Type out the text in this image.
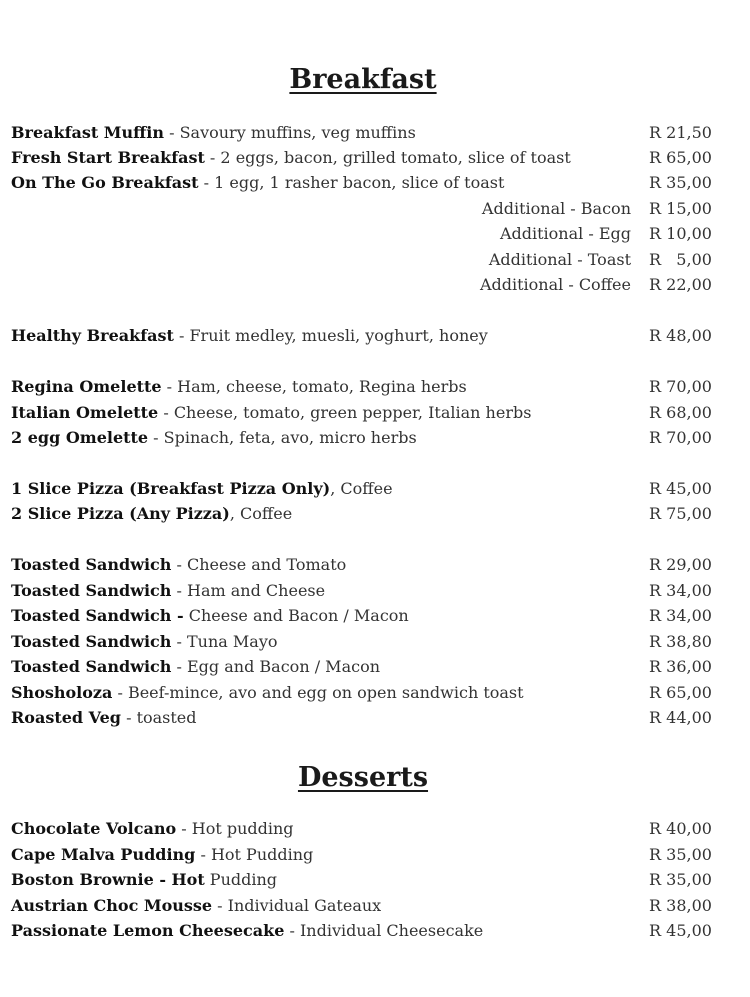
Breakfast
Breakfast Muffin - Savoury muffins, veg muffins	R 21,50
Fresh Start Breakfast - 2 eggs, bacon, grilled tomato, slice of toast	R 65,00
On The Go Breakfast - 1 egg, 1 rasher bacon, slice of toast	R 35,00
Additional - Bacon R 15,00
Additional - Egg R 10,00
Additional - Toast R   5,00
Additional - Coffee R 22,00
Healthy Breakfast - Fruit medley, muesli, yoghurt, honey	R 48,00
Regina Omelette - Ham, cheese, tomato, Regina herbs	R 70,00
Italian Omelette - Cheese, tomato, green pepper, Italian herbs	R 68,00
2 egg Omelette - Spinach, feta, avo, micro herbs	R 70,00
1 Slice Pizza (Breakfast Pizza Only), Coffee	R 45,00
2 Slice Pizza (Any Pizza), Coffee	R 75,00
Toasted Sandwich - Cheese and Tomato	R 29,00
Toasted Sandwich - Ham and Cheese	R 34,00
Toasted Sandwich - Cheese and Bacon / Macon	R 34,00
Toasted Sandwich - Tuna Mayo	R 38,80
Toasted Sandwich - Egg and Bacon / Macon	R 36,00
Shosholoza - Beef-mince, avo and egg on open sandwich toast	R 65,00
Roasted Veg - toasted	R 44,00
Desserts
Chocolate Volcano - Hot pudding	R 40,00
Cape Malva Pudding - Hot Pudding	R 35,00
Boston Brownie - Hot Pudding	R 35,00
Austrian Choc Mousse - Individual Gateaux	R 38,00
Passionate Lemon Cheesecake - Individual Cheesecake	R 45,00
